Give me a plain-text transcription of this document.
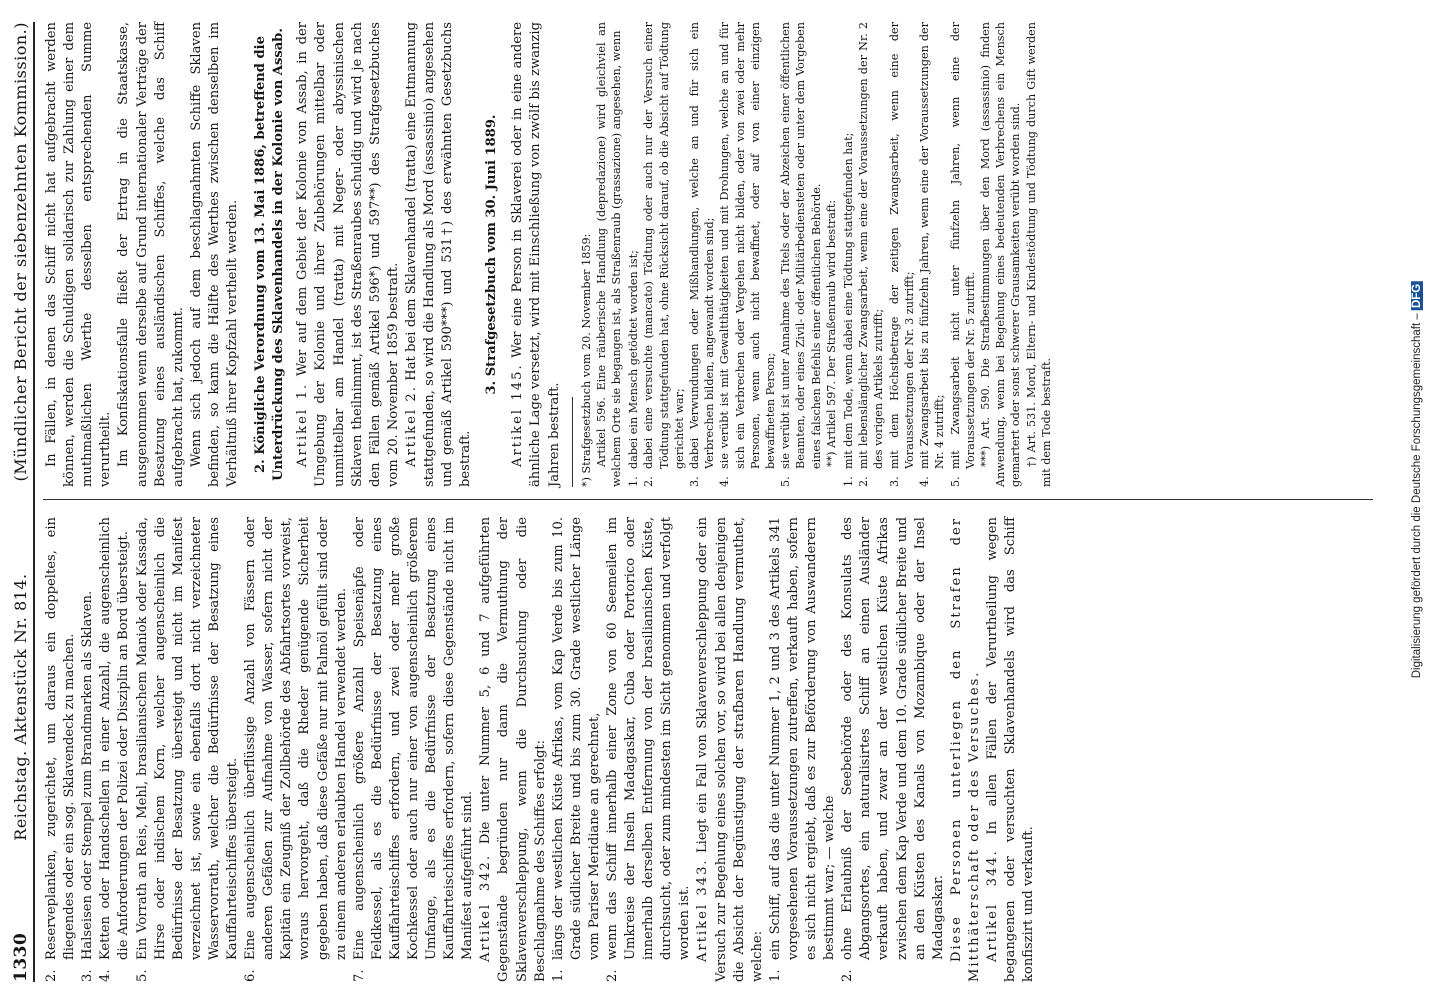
1330
Reichstag. Aktenstück Nr. 814.
(Mündlicher Bericht der siebenzehnten Kommission.)
2.
Reserveplanken, zugerichtet, um daraus ein doppeltes, ein fliegendes oder ein sog. Sklavendeck zu machen.
3.
Halseisen oder Stempel zum Brandmarken als Sklaven.
4.
Ketten oder Handschellen in einer Anzahl, die augenscheinlich die Anforderungen der Polizei oder Disziplin an Bord übersteigt.
5.
Ein Vorrath an Reis, Mehl, brasilianischem Maniok oder Kassada, Hirse oder indischem Korn, welcher augenscheinlich die Bedürfnisse der Besatzung übersteigt und nicht im Manifest verzeichnet ist, sowie ein ebenfalls dort nicht verzeichneter Wasservorrath, welcher die Bedürfnisse der Besatzung eines Kauffahrteischiffes übersteigt.
6.
Eine augenscheinlich überflüssige Anzahl von Fässern oder anderen Gefäßen zur Aufnahme von Wasser, sofern nicht der Kapitän ein Zeugniß der Zollbehörde des Abfahrtsortes vorweist, woraus hervorgeht, daß die Rheder genügende Sicherheit gegeben haben, daß diese Gefäße nur mit Palmöl gefüllt sind oder zu einem anderen erlaubten Handel verwendet werden.
7.
Eine augenscheinlich größere Anzahl Speisenäpfe oder Feldkessel, als es die Bedürfnisse der Besatzung eines Kauffahrteischiffes erfordern, und zwei oder mehr große Kochkessel oder auch nur einer von augenscheinlich größerem Umfange, als es die Bedürfnisse der Besatzung eines Kauffahrteischiffes erfordern, sofern diese Gegenstände nicht im Manifest aufgeführt sind. Artikel 342. Die unter Nummer 5, 6 und 7 aufgeführten Gegenstände begründen nur dann die Vermuthung der Sklavenverschleppung, wenn die Durchsuchung oder die Beschlagnahme des Schiffes erfolgt: 1.
längs der westlichen Küste Afrikas, vom Kap Verde bis zum 10. Grade südlicher Breite und bis zum 30. Grade westlicher Länge vom Pariser Meridiane an gerechnet,
2.
wenn das Schiff innerhalb einer Zone von 60 Seemeilen im Umkreise der Inseln Madagaskar, Cuba oder Portorico oder innerhalb derselben Entfernung von der brasilianischen Küste, durchsucht, oder zum mindesten im Sicht genommen und verfolgt worden ist. Artikel 343. Liegt ein Fall von Sklavenverschleppung oder ein Versuch zur Begehung eines solchen vor, so wird bei allen denjenigen die Absicht der Begünstigung der strafbaren Handlung vermuthet, welche: 1.
ein Schiff, auf das die unter Nummer 1, 2 und 3 des Artikels 341 vorgesehenen Voraussetzungen zutreffen, verkauft haben, sofern es sich nicht ergiebt, daß es zur Beförderung von Auswanderern bestimmt war; — welche
2.
ohne Erlaubniß der Seebehörde oder des Konsulats des Abgangsortes, ein naturalisirtes Schiff an einen Ausländer verkauft haben, und zwar an der westlichen Küste Afrikas zwischen dem Kap Verde und dem 10. Grade südlicher Breite und an den Küsten des Kanals von Mozambique oder der Insel Madagaskar. Diese Personen unterliegen den Strafen der Mitthäterschaft oder des Versuches. Artikel 344. In allen Fällen der Verurtheilung wegen begangenen oder versuchten Sklavenhandels wird das Schiff konfiszirt und verkauft.

In Fällen, in denen das Schiff nicht hat aufgebracht werden können, werden die Schuldigen solidarisch zur Zahlung einer dem muthmaßlichen Werthe desselben entsprechenden Summe verurtheilt. Im Konfiskationsfalle fließt der Ertrag in die Staatskasse, ausgenommen wenn derselbe auf Grund internationaler Verträge der Besatzung eines ausländischen Schiffes, welche das Schiff aufgebracht hat, zukommt. Wenn sich jedoch auf dem beschlagnahmten Schiffe Sklaven befinden, so kann die Hälfte des Werthes zwischen denselben im Verhältniß ihrer Kopfzahl vertheilt werden. 2. Königliche Verordnung vom 13. Mai 1886, betreffend die Unterdrückung des Sklavenhandels in der Kolonie von Assab. Artikel 1. Wer auf dem Gebiet der Kolonie von Assab, in der Umgebung der Kolonie und ihrer Zubehörungen mittelbar oder unmittelbar am Handel (tratta) mit Neger- oder abyssinischen Sklaven theilnimmt, ist des Straßenraubes schuldig und wird je nach den Fällen gemäß Artikel 596*) und 597**) des Strafgesetzbuches vom 20. November 1859 bestraft. Artikel 2. Hat bei dem Sklavenhandel (tratta) eine Entmannung stattgefunden, so wird die Handlung als Mord (assassinio) angesehen und gemäß Artikel 590***) und 531†) des erwähnten Gesetzbuchs bestraft.

3. Strafgesetzbuch vom 30. Juni 1889.

Artikel 145. Wer eine Person in Sklaverei oder in eine andere ähnliche Lage versetzt, wird mit Einschließung von zwölf bis zwanzig Jahren bestraft. *) Strafgesetzbuch vom 20. November 1859: Artikel 596. Eine räuberische Handlung (depredazione) wird gleichviel an welchem Orte sie begangen ist, als Straßenraub (grassazione) angesehen, wenn 1.
dabei ein Mensch getödtet worden ist;
2.
dabei eine versuchte (mancato) Tödtung oder auch nur der Versuch einer Tödtung stattgefunden hat, ohne Rücksicht darauf, ob die Absicht auf Tödtung gerichtet war;
3.
dabei Verwundungen oder Mißhandlungen, welche an und für sich ein Verbrechen bilden, angewandt worden sind;
4.
sie verübt ist mit Gewaltthätigkeiten und mit Drohungen, welche an und für sich ein Verbrechen oder Vergehen nicht bilden, oder von zwei oder mehr Personen, wenn auch nicht bewaffnet, oder auf von einer einzigen bewaffneten Person;
5.
sie verübt ist unter Annahme des Titels oder der Abzeichen einer öffentlichen Beamten, oder eines Zivil- oder Militärbediensteten oder unter dem Vorgeben eines falschen Befehls einer öffentlichen Behörde. **) Artikel 597. Der Straßenraub wird bestraft:

1.
mit dem Tode, wenn dabei eine Tödtung stattgefunden hat;
2.
mit lebenslänglicher Zwangsarbeit, wenn eine der Voraussetzungen der Nr. 2 des vorigen Artikels zutrifft;
3.
mit dem Höchstbetrage der zeitigen Zwangsarbeit, wenn eine der Voraussetzungen der Nr. 3 zutrifft;
4.
mit Zwangsarbeit bis zu fünfzehn Jahren, wenn eine der Voraussetzungen der Nr. 4 zutrifft;
5.
mit Zwangsarbeit nicht unter fünfzehn Jahren, wenn eine der Voraussetzungen der Nr. 5 zutrifft. ***) Art. 590. Die Strafbestimmungen über den Mord (assassinio) finden Anwendung, wenn bei Begehung eines bedeutenden Verbrechens ein Mensch gemartert oder sonst schwerer Grausamkeiten verübt worden sind. †) Art. 531. Mord, Eltern- und Kindestödtung und Tödtung durch Gift werden mit dem Tode bestraft.	Digitalisierung gefördert durch die Deutsche Forschungsgemeinschaft – DFG
